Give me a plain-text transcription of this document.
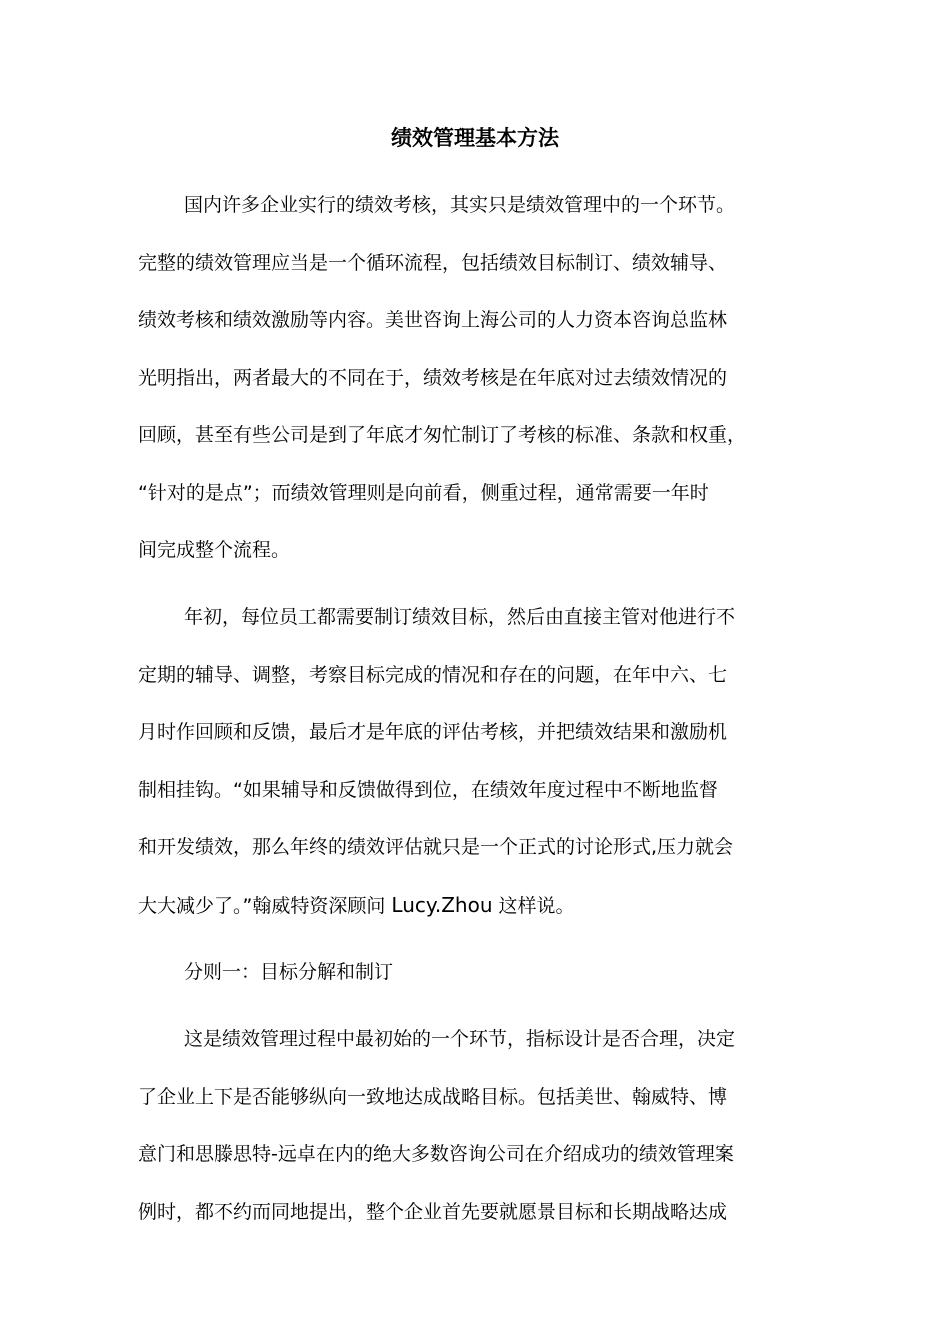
绩效管理基本方法
国内许多企业实行的绩效考核，其实只是绩效管理中的一个环节。
完整的绩效管理应当是一个循环流程，包括绩效目标制订、绩效辅导、
绩效考核和绩效激励等内容。美世咨询上海公司的人力资本咨询总监林
光明指出，两者最大的不同在于，绩效考核是在年底对过去绩效情况的
回顾，甚至有些公司是到了年底才匆忙制订了考核的标准、条款和权重，
“针对的是点”；而绩效管理则是向前看，侧重过程，通常需要一年时
间完成整个流程。
年初，每位员工都需要制订绩效目标，然后由直接主管对他进行不
定期的辅导、调整，考察目标完成的情况和存在的问题，在年中六、七
月时作回顾和反馈，最后才是年底的评估考核，并把绩效结果和激励机
制相挂钩。“如果辅导和反馈做得到位，在绩效年度过程中不断地监督
和开发绩效，那么年终的绩效评估就只是一个正式的讨论形式,压力就会
大大减少了。”翰威特资深顾问 Lucy.Zhou 这样说。
分则一：目标分解和制订
这是绩效管理过程中最初始的一个环节，指标设计是否合理，决定
了企业上下是否能够纵向一致地达成战略目标。包括美世、翰威特、博
意门和思滕思特-远卓在内的绝大多数咨询公司在介绍成功的绩效管理案
例时，都不约而同地提出，整个企业首先要就愿景目标和长期战略达成
